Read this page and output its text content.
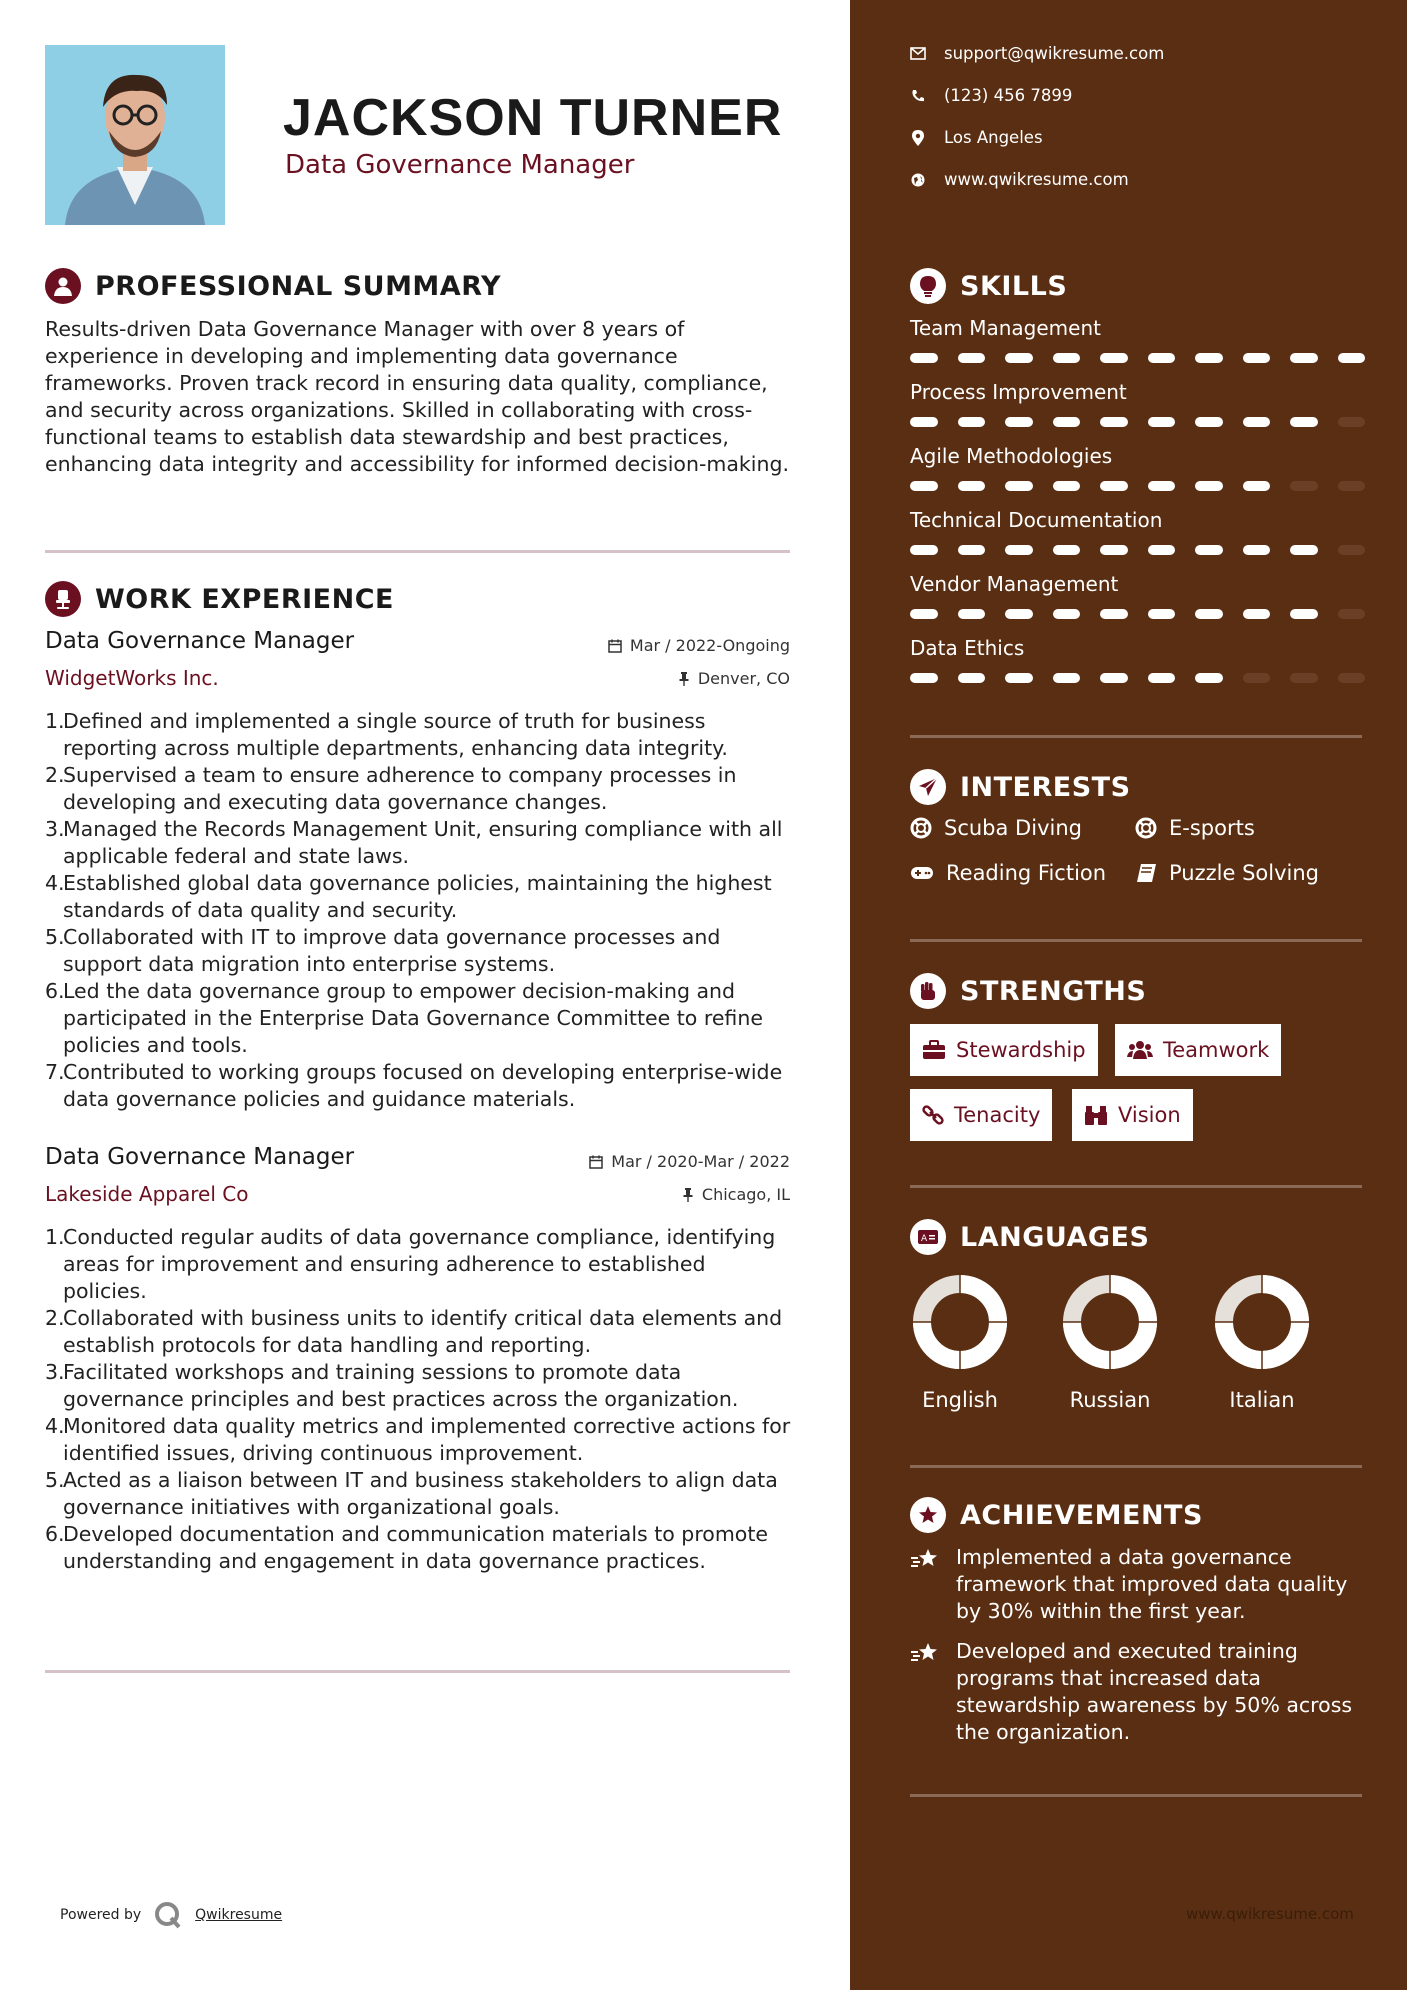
JACKSON TURNER
Data Governance Manager
PROFESSIONAL SUMMARY
Results-driven Data Governance Manager with over 8 years of experience in developing and implementing data governance frameworks. Proven track record in ensuring data quality, compliance, and security across organizations. Skilled in collaborating with cross-functional teams to establish data stewardship and best practices, enhancing data integrity and accessibility for informed decision-making.
WORK EXPERIENCE
Data Governance Manager	Mar / 2022-Ongoing
WidgetWorks Inc.	Denver, CO
1.
Defined and implemented a single source of truth for business reporting across multiple departments, enhancing data integrity.
2.
Supervised a team to ensure adherence to company processes in developing and executing data governance changes.
3.
Managed the Records Management Unit, ensuring compliance with all applicable federal and state laws.
4.
Established global data governance policies, maintaining the highest standards of data quality and security.
5.
Collaborated with IT to improve data governance processes and support data migration into enterprise systems.
6.
Led the data governance group to empower decision-making and participated in the Enterprise Data Governance Committee to refine policies and tools.
7.
Contributed to working groups focused on developing enterprise-wide data governance policies and guidance materials.
Data Governance Manager	Mar / 2020-Mar / 2022
Lakeside Apparel Co	Chicago, IL
1.
Conducted regular audits of data governance compliance, identifying areas for improvement and ensuring adherence to established policies.
2.
Collaborated with business units to identify critical data elements and establish protocols for data handling and reporting.
3.
Facilitated workshops and training sessions to promote data governance principles and best practices across the organization.
4.
Monitored data quality metrics and implemented corrective actions for identified issues, driving continuous improvement.
5.
Acted as a liaison between IT and business stakeholders to align data governance initiatives with organizational goals.
6.
Developed documentation and communication materials to promote understanding and engagement in data governance practices.
Powered by	Qwikresume
support@qwikresume.com
(123) 456 7899
Los Angeles
www.qwikresume.com
SKILLS
Team Management
Process Improvement
Agile Methodologies
Technical Documentation
Vendor Management
Data Ethics
INTERESTS
Scuba Diving	E-sports
Reading Fiction	Puzzle Solving
STRENGTHS
Stewardship	Teamwork
Tenacity	Vision
A LANGUAGES
English	Russian	Italian
ACHIEVEMENTS
Implemented a data governance framework that improved data quality by 30% within the first year.
Developed and executed training programs that increased data stewardship awareness by 50% across the organization.
www.qwikresume.com
